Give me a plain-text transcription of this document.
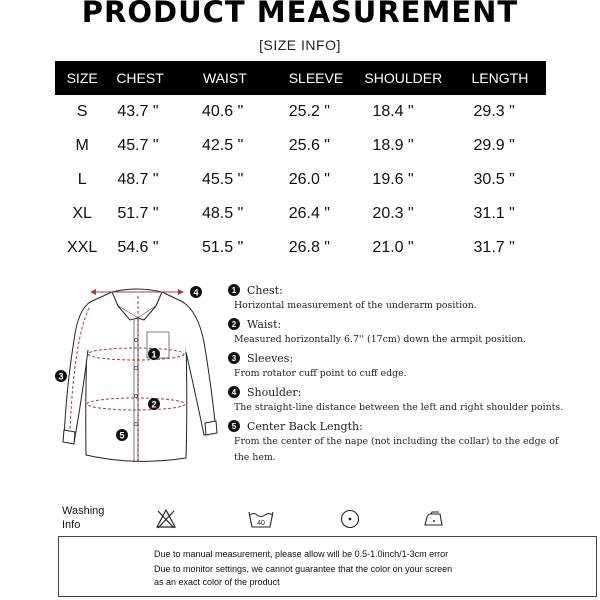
PRODUCT MEASUREMENT
[SIZE INFO]
SIZE	CHEST	WAIST	SLEEVE	SHOULDER	LENGTH
S	43.7 "	40.6 "	25.2 "	18.4 "	29.3 "
M	45.7 "	42.5 "	25.6 "	18.9 "	29.9 "
L	48.7 "	45.5 "	26.0 "	19.6 "	30.5 "
XL	51.7 "	48.5 "	26.4 "	20.3 "	31.1 "
XXL	54.6 "	51.5 "	26.8 "	21.0 "	31.7 "
1
2
3
4
5
1 Chest:
Horizontal measurement of the underarm position.
2 Waist:
Measured horizontally 6.7'' (17cm) down the armpit position.
3 Sleeves:
From rotator cuff point to cuff edge.
4 Shoulder:
The straight-line distance between the left and right shoulder points.
5 Center Back Length:
From the center of the nape (not including the collar) to the edge of
the hem.
Washing
Info	40
Due to manual measurement, please allow will be 0.5-1.0inch/1-3cm error
Due to monitor settings, we cannot guarantee that the color on your screen
as an exact color of the product
